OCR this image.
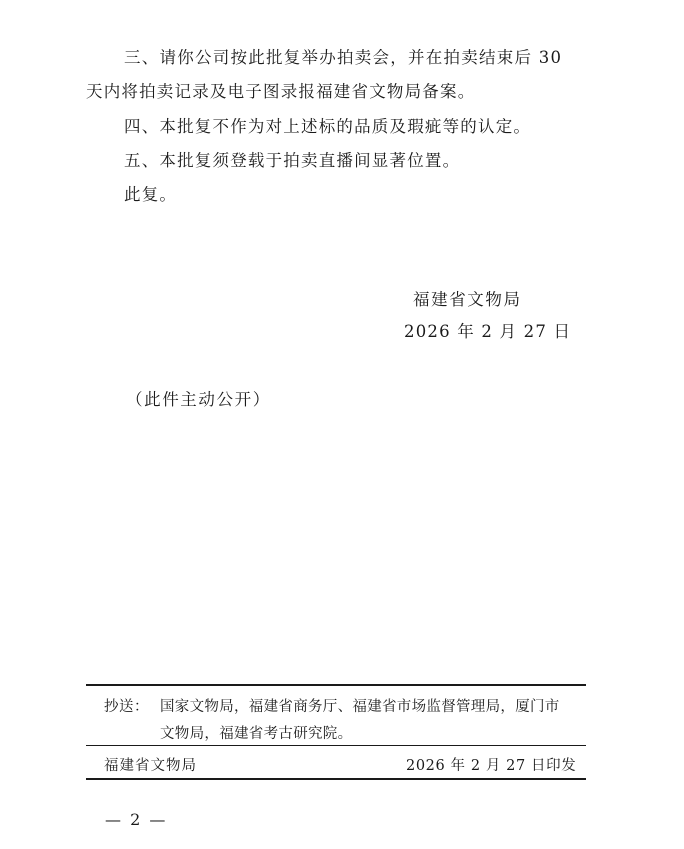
三、请你公司按此批复举办拍卖会，并在拍卖结束后 30
天内将拍卖记录及电子图录报福建省文物局备案。
四、本批复不作为对上述标的品质及瑕疵等的认定。
五、本批复须登载于拍卖直播间显著位置。
此复。
福建省文物局
2026 年 2 月 27 日
（此件主动公开）
抄送： 国家文物局，福建省商务厅、福建省市场监督管理局，厦门市
文物局，福建省考古研究院。
福建省文物局	2026 年 2 月 27 日印发
— 2 —
